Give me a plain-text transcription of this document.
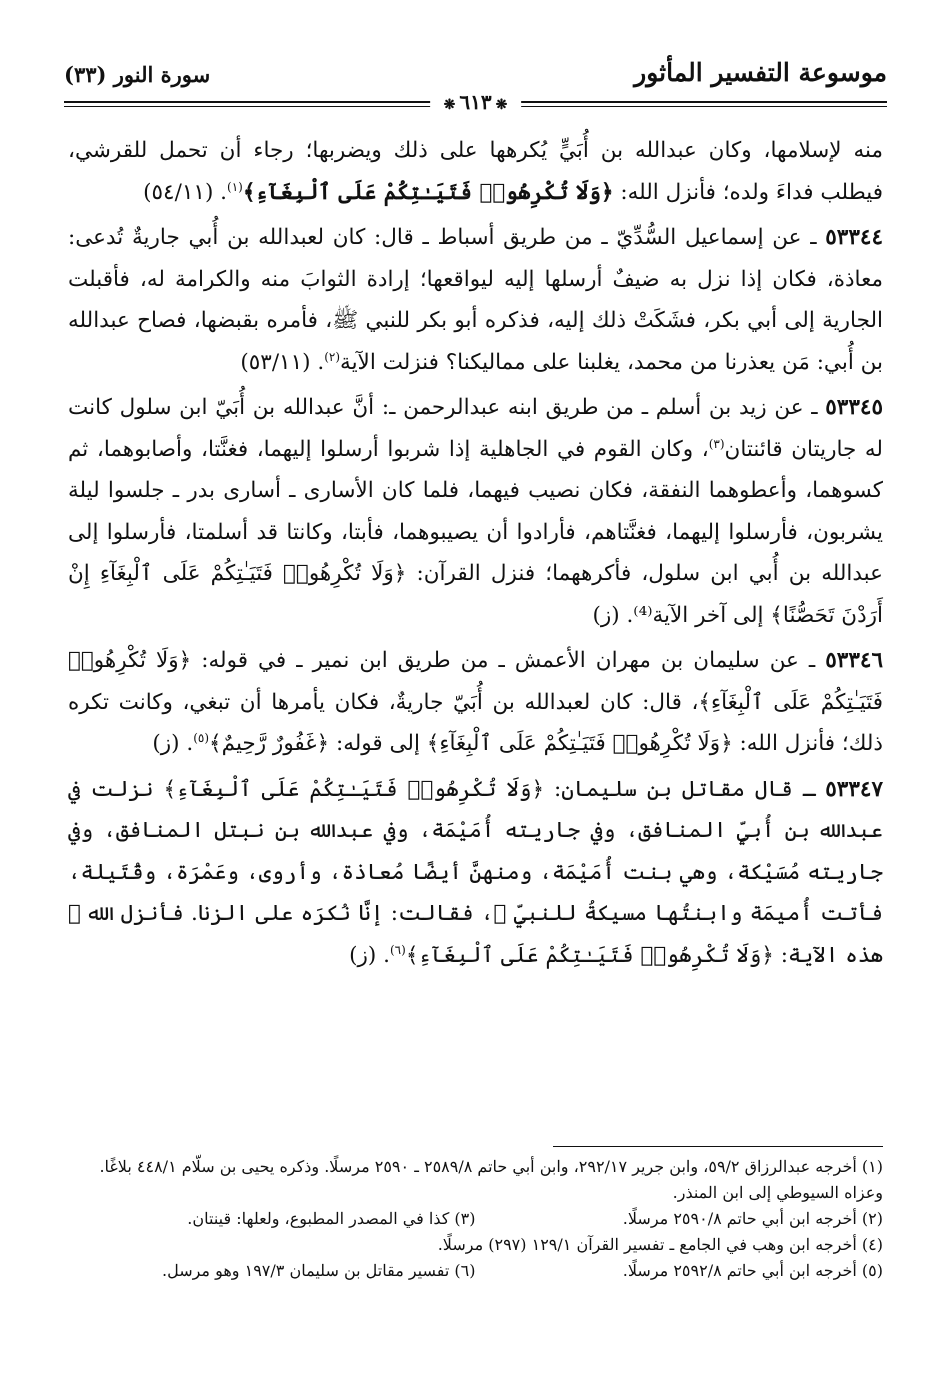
موسوعة التفسير المأثور
سورة النور (٣٣)
❋٦١٣❋

منه لإسلامها، وكان عبدالله بن أُبَيٍّ يُكرهها على ذلك ويضربها؛ رجاء أن تحمل للقرشي، فيطلب فداءَ ولده؛ فأنزل الله: ﴿وَلَا تُكْرِهُوا۟ فَتَيَـٰتِكُمْ عَلَى ٱلْبِغَآءِ﴾$^{(١)}$. (٥٤/١١)

٥٣٣٤٤ ـ عن إسماعيل السُّدِّيّ ـ من طريق أسباط ـ قال: كان لعبدالله بن أُبي جاريةٌ تُدعى: معاذة، فكان إذا نزل به ضيفٌ أرسلها إليه ليواقعها؛ إرادة الثوابَ منه والكرامة له، فأقبلت الجارية إلى أبي بكر، فشَكَتْ ذلك إليه، فذكره أبو بكر للنبي ﷺ، فأمره بقبضها، فصاح عبدالله بن أُبي: مَن يعذرنا من محمد، يغلبنا على مماليكنا؟ فنزلت الآية$^{(٢)}$. (٥٣/١١)

٥٣٣٤٥ ـ عن زيد بن أسلم ـ من طريق ابنه عبدالرحمن ـ: أنَّ عبدالله بن أُبَيّ ابن سلول كانت له جاريتان قائنتان$^{(٣)}$، وكان القوم في الجاهلية إذا شربوا أرسلوا إليهما، فغنَّتا، وأصابوهما، ثم كسوهما، وأعطوهما النفقة، فكان نصيب فيهما، فلما كان الأسارى ـ أسارى بدر ـ جلسوا ليلة يشربون، فأرسلوا إليهما، فغنَّتاهم، فأرادوا أن يصيبوهما، فأبتا، وكانتا قد أسلمتا، فأرسلوا إلى عبدالله بن أُبي ابن سلول، فأكرههما؛ فنزل القرآن: ﴿وَلَا تُكْرِهُوا۟ فَتَيَـٰتِكُمْ عَلَى ٱلْبِغَآءِ إِنْ أَرَدْنَ تَحَصُّنًا﴾ إلى آخر الآية⁽⁴⁾. (ز)

٥٣٣٤٦ ـ عن سليمان بن مهران الأعمش ـ من طريق ابن نمير ـ في قوله: ﴿وَلَا تُكْرِهُوا۟ فَتَيَـٰتِكُمْ عَلَى ٱلْبِغَآءِ﴾، قال: كان لعبدالله بن أُبَيّ جاريةٌ، فكان يأمرها أن تبغي، وكانت تكره ذلك؛ فأنزل الله: ﴿وَلَا تُكْرِهُوا۟ فَتَيَـٰتِكُمْ عَلَى ٱلْبِغَآءِ﴾ إلى قوله: ﴿غَفُورٌ رَّحِيمٌ﴾$^{(٥)}$. (ز)

٥٣٣٤٧ ـ قال مقاتل بن سليمان: ﴿وَلَا تُكْرِهُوا۟ فَتَيَـٰتِكُمْ عَلَى ٱلْبِغَآءِ﴾ نزلت في عبدالله بن أُبيٍّ المنافق، وفي جاريته أُمَيْمَة، وفي عبدالله بن نبتل المنافق، وفي جاريته مُسَيْكة، وهي بنت أُمَيْمَة، ومنهنَّ أيضًا مُعاذة، وأروى، وعَمْرَة، وقُتَيلة، فأتت أُميمَة وابنتُها مسيكةُ للنبيِّ ﷺ، فقالت: إنَّا نُكرَه على الزنا. فأنزل الله ﷻ هذه الآية: ﴿وَلَا تُكْرِهُوا۟ فَتَيَـٰتِكُمْ عَلَى ٱلْبِغَآءِ﴾$^{(٦)}$. (ز)

(١) أخرجه عبدالرزاق ٥٩/٢، وابن جرير ٢٩٢/١٧، وابن أبي حاتم ٢٥٨٩/٨ ـ ٢٥٩٠ مرسلًا. وذكره يحيى بن سلّام ٤٤٨/١ بلاغًا. وعزاه السيوطي إلى ابن المنذر.

(٢) أخرجه ابن أبي حاتم ٢٥٩٠/٨ مرسلًا.

(٣) كذا في المصدر المطبوع، ولعلها: قينتان.

(٤) أخرجه ابن وهب في الجامع ـ تفسير القرآن ١٢٩/١ (٢٩٧) مرسلًا.

(٥) أخرجه ابن أبي حاتم ٢٥٩٢/٨ مرسلًا.

(٦) تفسير مقاتل بن سليمان ١٩٧/٣ وهو مرسل.
